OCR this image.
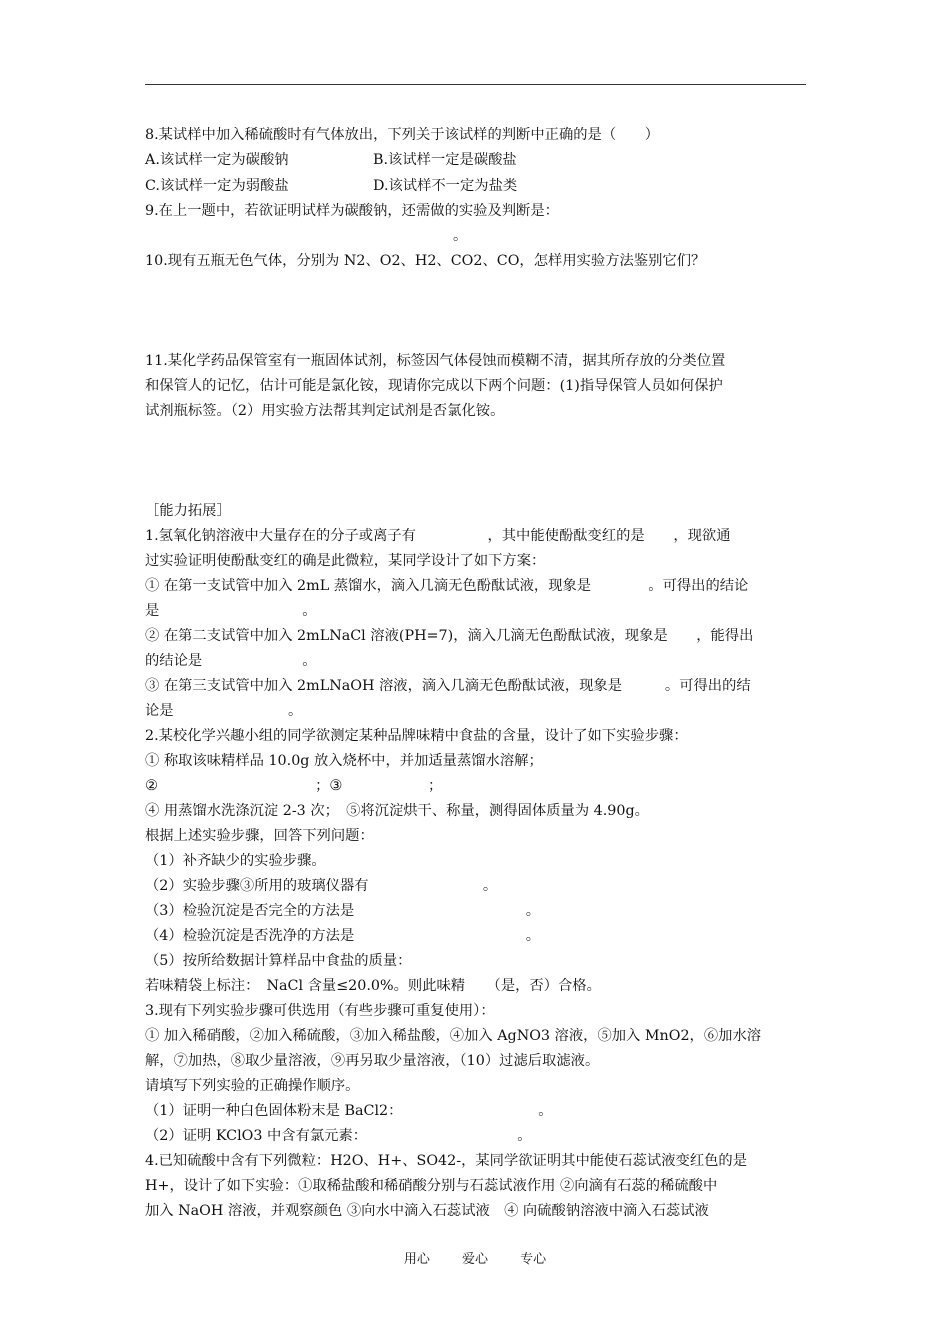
8.某试样中加入稀硫酸时有气体放出，下列关于该试样的判断中正确的是（　　）
A.该试样一定为碳酸钠	B.该试样一定是碳酸盐
C.该试样一定为弱酸盐	D.该试样不一定为盐类
9.在上一题中，若欲证明试样为碳酸钠，还需做的实验及判断是：
。
10.现有五瓶无色气体，分别为 N2、O2、H2、CO2、CO，怎样用实验方法鉴别它们？
11.某化学药品保管室有一瓶固体试剂，标签因气体侵蚀而模糊不清，据其所存放的分类位置
和保管人的记忆，估计可能是氯化铵，现请你完成以下两个问题：(1)指导保管人员如何保护
试剂瓶标签。（2）用实验方法帮其判定试剂是否氯化铵。
［能力拓展］
1.氢氧化钠溶液中大量存在的分子或离子有　　　　　，其中能使酚酞变红的是　　，现欲通
过实验证明使酚酞变红的确是此微粒，某同学设计了如下方案：
① 在第一支试管中加入 2mL 蒸馏水，滴入几滴无色酚酞试液，现象是　　　　。可得出的结论
是　　　　　　　　　　。
② 在第二支试管中加入 2mLNaCl 溶液(PH=7)，滴入几滴无色酚酞试液，现象是　　，能得出
的结论是　　　　　　　。
③ 在第三支试管中加入 2mLNaOH 溶液，滴入几滴无色酚酞试液，现象是　　　。可得出的结
论是　　　　　　　　。
2.某校化学兴趣小组的同学欲测定某种品牌味精中食盐的含量，设计了如下实验步骤：
① 称取该味精样品 10.0g 放入烧杯中，并加适量蒸馏水溶解；
②　　　　　　　　　　　；③　　　　　　；
④ 用蒸馏水洗涤沉淀 2-3 次；　⑤将沉淀烘干、称量，测得固体质量为 4.90g。
根据上述实验步骤，回答下列问题：
（1）补齐缺少的实验步骤。
（2）实验步骤③所用的玻璃仪器有　　　　　　　　。
（3）检验沉淀是否完全的方法是　　　　　　　　　　　　。
（4）检验沉淀是否洗净的方法是　　　　　　　　　　　　。
（5）按所给数据计算样品中食盐的质量：
若味精袋上标注：　NaCl 含量≤20.0%。则此味精　　（是，否）合格。
3.现有下列实验步骤可供选用（有些步骤可重复使用）：
① 加入稀硝酸，②加入稀硫酸，③加入稀盐酸，④加入 AgNO3 溶液，⑤加入 MnO2，⑥加水溶
解，⑦加热，⑧取少量溶液，⑨再另取少量溶液，（10）过滤后取滤液。
请填写下列实验的正确操作顺序。
（1）证明一种白色固体粉末是 BaCl2：　　　　　　　　　　。
（2）证明 KClO3 中含有氯元素：　　　　　　　　　　　。
4.已知硫酸中含有下列微粒：H2O、H+、SO42-，某同学欲证明其中能使石蕊试液变红色的是
H+，设计了如下实验：①取稀盐酸和稀硝酸分别与石蕊试液作用 ②向滴有石蕊的稀硫酸中
加入 NaOH 溶液，并观察颜色 ③向水中滴入石蕊试液　④ 向硫酸钠溶液中滴入石蕊试液
用心 爱心 专心
